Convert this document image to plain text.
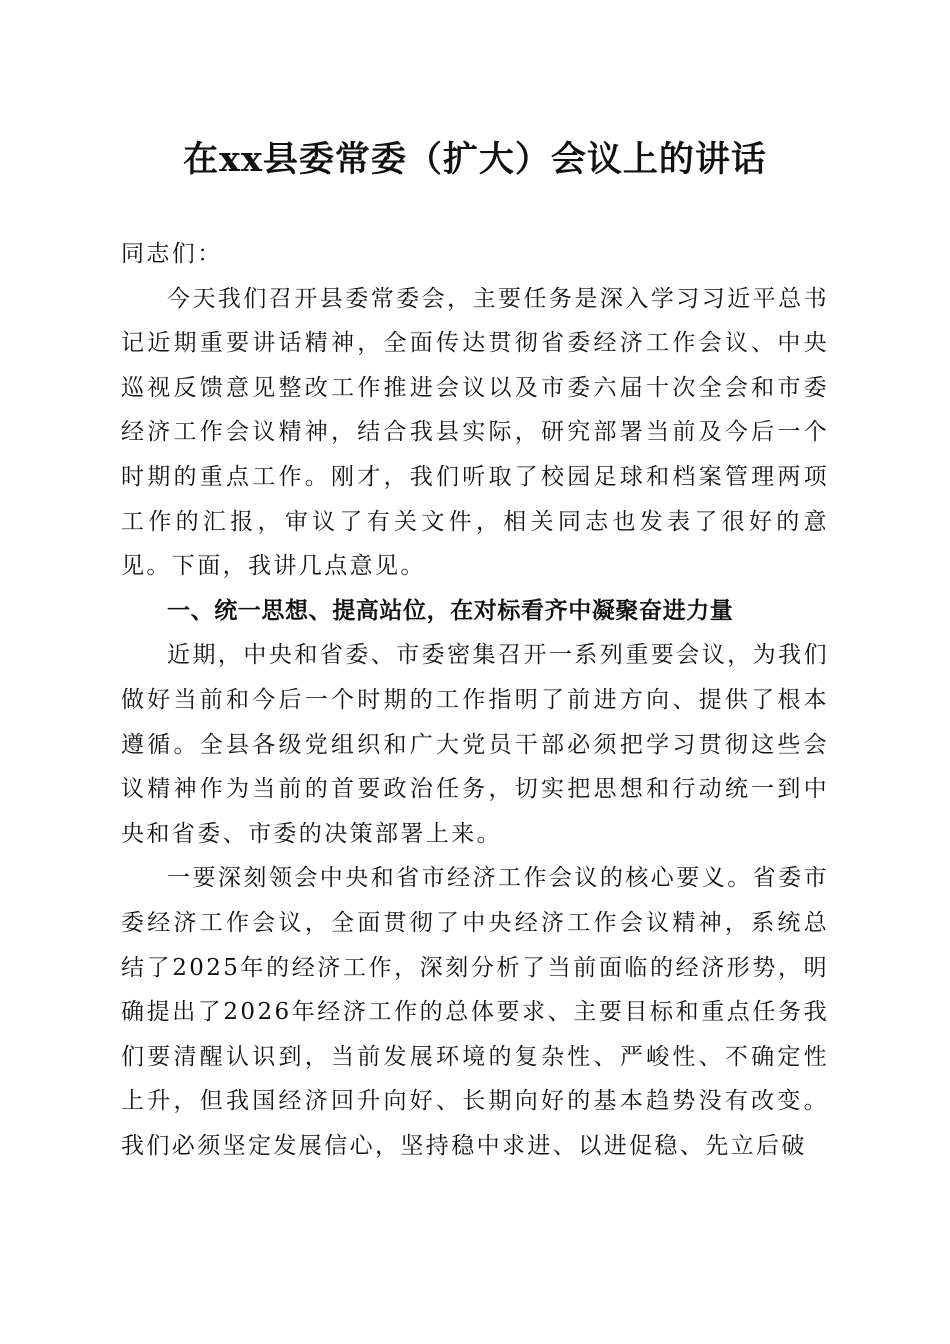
在xx县委常委（扩大）会议上的讲话

同志们：

今天我们召开县委常委会，主要任务是深入学习习近平总书记近期重要讲话精神，全面传达贯彻省委经济工作会议、中央巡视反馈意见整改工作推进会议以及市委六届十次全会和市委经济工作会议精神，结合我县实际，研究部署当前及今后一个时期的重点工作。刚才，我们听取了校园足球和档案管理两项工作的汇报，审议了有关文件，相关同志也发表了很好的意见。下面，我讲几点意见。

一、统一思想、提高站位，在对标看齐中凝聚奋进力量

近期，中央和省委、市委密集召开一系列重要会议，为我们做好当前和今后一个时期的工作指明了前进方向、提供了根本遵循。全县各级党组织和广大党员干部必须把学习贯彻这些会议精神作为当前的首要政治任务，切实把思想和行动统一到中央和省委、市委的决策部署上来。

一要深刻领会中央和省市经济工作会议的核心要义。省委市委经济工作会议，全面贯彻了中央经济工作会议精神，系统总结了2025年的经济工作，深刻分析了当前面临的经济形势，明确提出了2026年经济工作的总体要求、主要目标和重点任务我们要清醒认识到，当前发展环境的复杂性、严峻性、不确定性上升，但我国经济回升向好、长期向好的基本趋势没有改变。我们必须坚定发展信心，坚持稳中求进、以进促稳、先立后破
